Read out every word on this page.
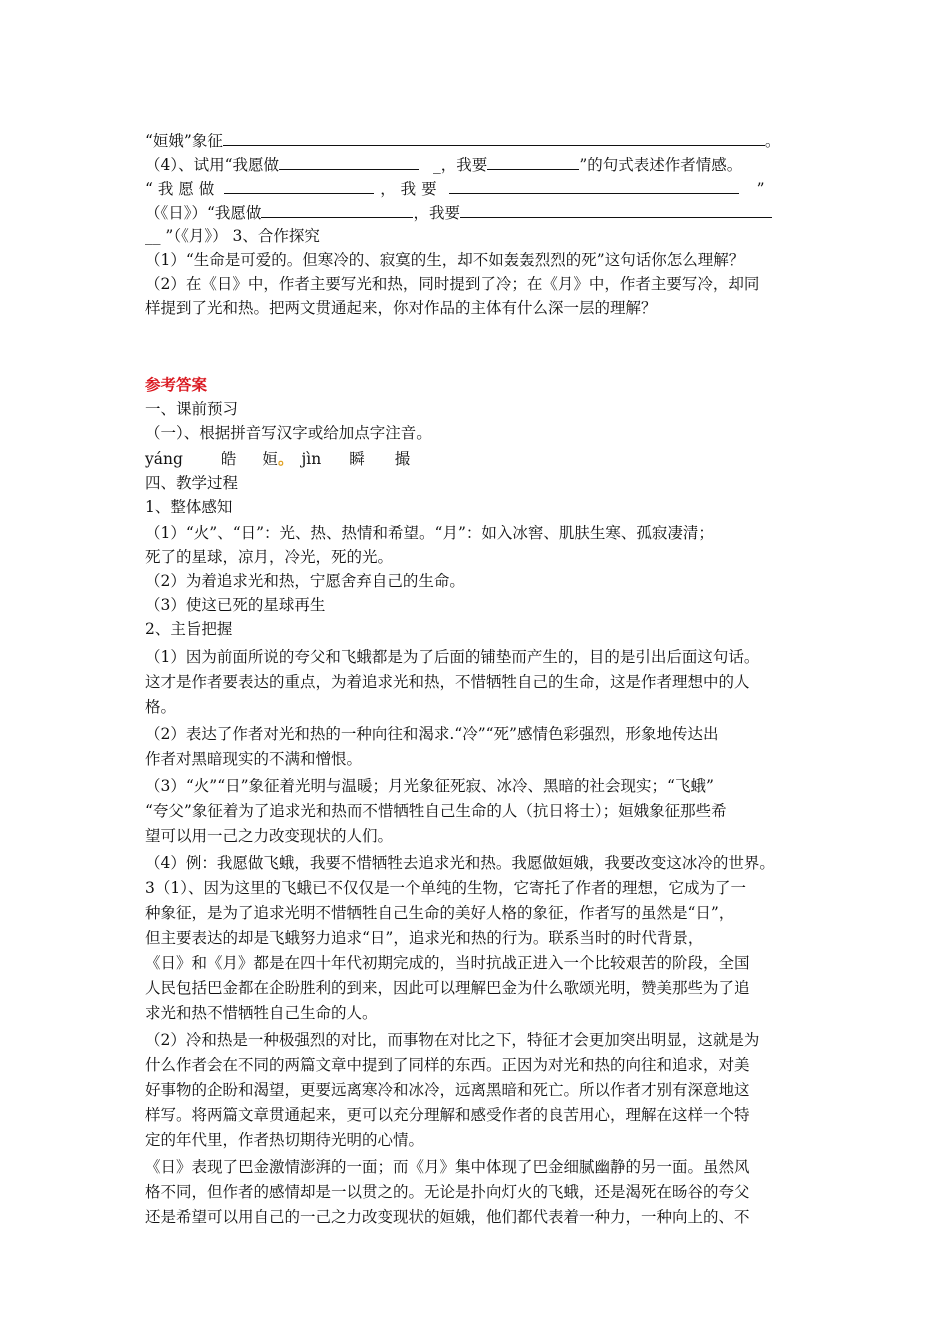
“姮娥”象征	。
（4）、试用“我愿做	_，我要	”的句式表述作者情感。
“ 我 愿 做	， 我 要	”
（《日》）“我愿做	，我要
__ ”（《月》） 3、合作探究
（1）“生命是可爱的。但寒冷的、寂寞的生，却不如轰轰烈烈的死”这句话你怎么理解？
（2）在《日》中，作者主要写光和热，同时提到了冷；在《月》中，作者主要写冷，却同
样提到了光和热。把两文贯通起来，你对作品的主体有什么深一层的理解？
参考答案
一、课前预习
（一）、根据拼音写汉字或给加点字注音。
yáng 皓 姮。 jìn 瞬 撮
四、教学过程
1、整体感知
（1）“火”、“日”：光、热、热情和希望。“月”：如入冰窖、肌肤生寒、孤寂凄清；
死了的星球，凉月，冷光，死的光。
（2）为着追求光和热，宁愿舍弃自己的生命。
（3）使这已死的星球再生
2、主旨把握
（1）因为前面所说的夸父和飞蛾都是为了后面的铺垫而产生的，目的是引出后面这句话。
这才是作者要表达的重点，为着追求光和热，不惜牺牲自己的生命，这是作者理想中的人
格。
（2）表达了作者对光和热的一种向往和渴求.“冷”“死”感情色彩强烈，形象地传达出
作者对黑暗现实的不满和憎恨。
（3）“火”“日”象征着光明与温暖；月光象征死寂、冰冷、黑暗的社会现实；“飞蛾”
“夸父”象征着为了追求光和热而不惜牺牲自己生命的人（抗日将士）；姮娥象征那些希
望可以用一己之力改变现状的人们。
（4）例：我愿做飞蛾，我要不惜牺牲去追求光和热。我愿做姮娥，我要改变这冰冷的世界。
3（1）、因为这里的飞蛾已不仅仅是一个单纯的生物，它寄托了作者的理想，它成为了一
种象征，是为了追求光明不惜牺牲自己生命的美好人格的象征，作者写的虽然是“日”，
但主要表达的却是飞蛾努力追求“日”，追求光和热的行为。联系当时的时代背景，
《日》和《月》都是在四十年代初期完成的，当时抗战正进入一个比较艰苦的阶段，全国
人民包括巴金都在企盼胜利的到来，因此可以理解巴金为什么歌颂光明，赞美那些为了追
求光和热不惜牺牲自己生命的人。
（2）冷和热是一种极强烈的对比，而事物在对比之下，特征才会更加突出明显，这就是为
什么作者会在不同的两篇文章中提到了同样的东西。正因为对光和热的向往和追求，对美
好事物的企盼和渴望，更要远离寒冷和冰冷，远离黑暗和死亡。所以作者才别有深意地这
样写。将两篇文章贯通起来，更可以充分理解和感受作者的良苦用心，理解在这样一个特
定的年代里，作者热切期待光明的心情。
《日》表现了巴金激情澎湃的一面；而《月》集中体现了巴金细腻幽静的另一面。虽然风
格不同，但作者的感情却是一以贯之的。无论是扑向灯火的飞蛾，还是渴死在旸谷的夸父
还是希望可以用自己的一己之力改变现状的姮娥，他们都代表着一种力，一种向上的、不
